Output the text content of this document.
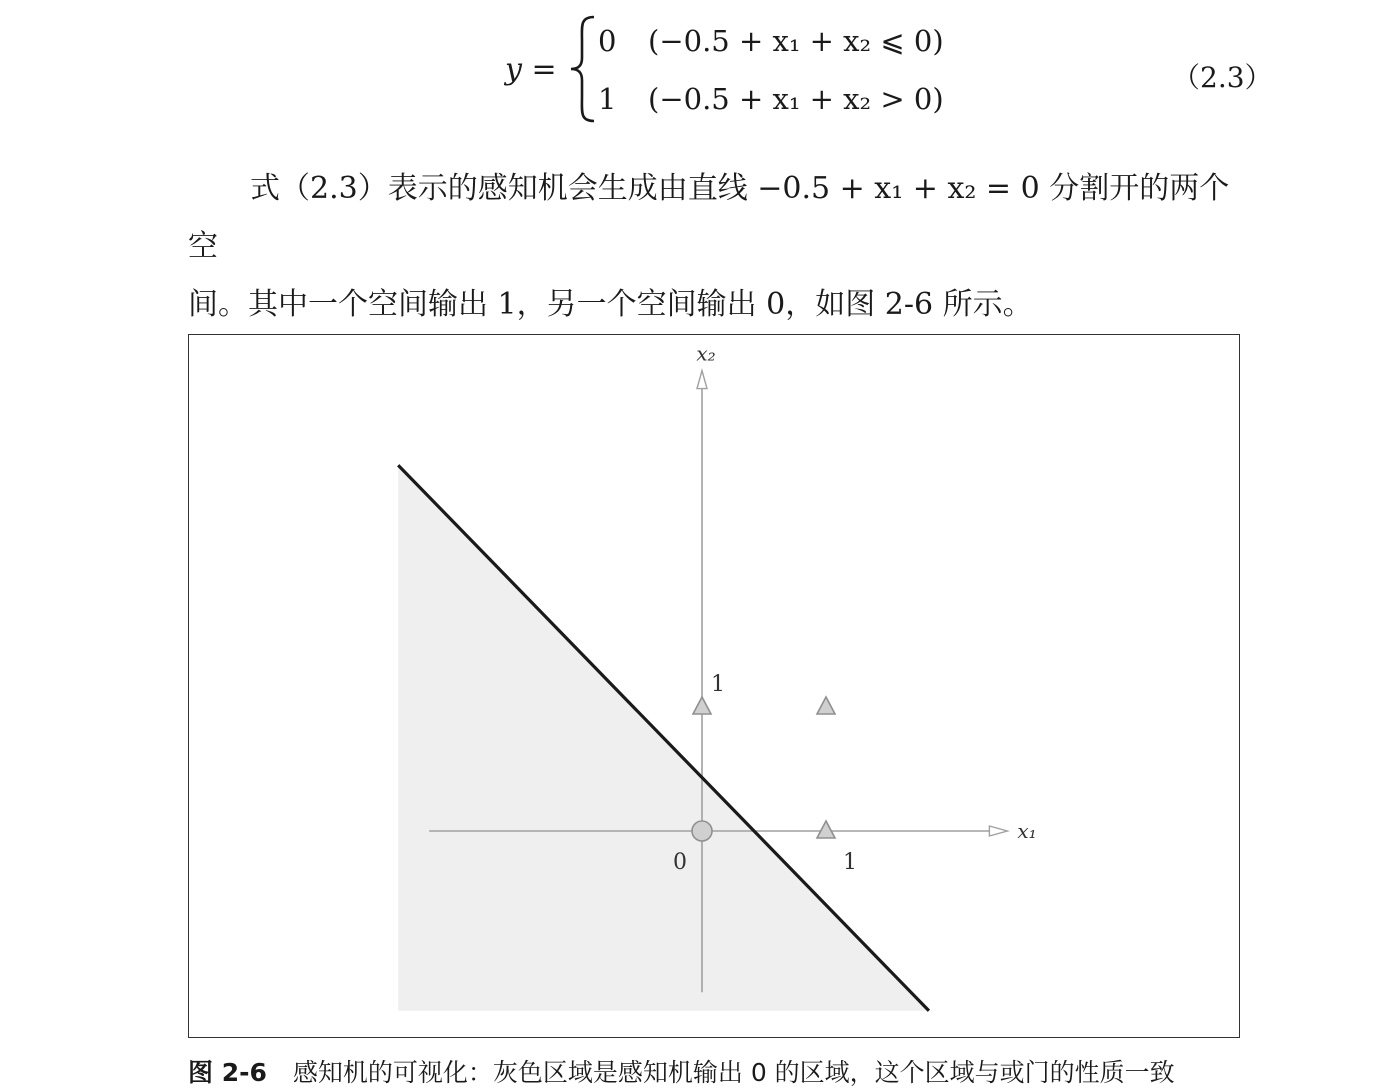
y =
0 (−0.5 + x₁ + x₂ ⩽ 0)
1 (−0.5 + x₁ + x₂ > 0)
（2.3）

式（2.3）表示的感知机会生成由直线 −0.5 + x₁ + x₂ = 0 分割开的两个空

间。其中一个空间输出 1，另一个空间输出 0，如图 2-6 所示。

x₁
x₂
0	1
1
图 2-6 感知机的可视化：灰色区域是感知机输出 0 的区域，这个区域与或门的性质一致
